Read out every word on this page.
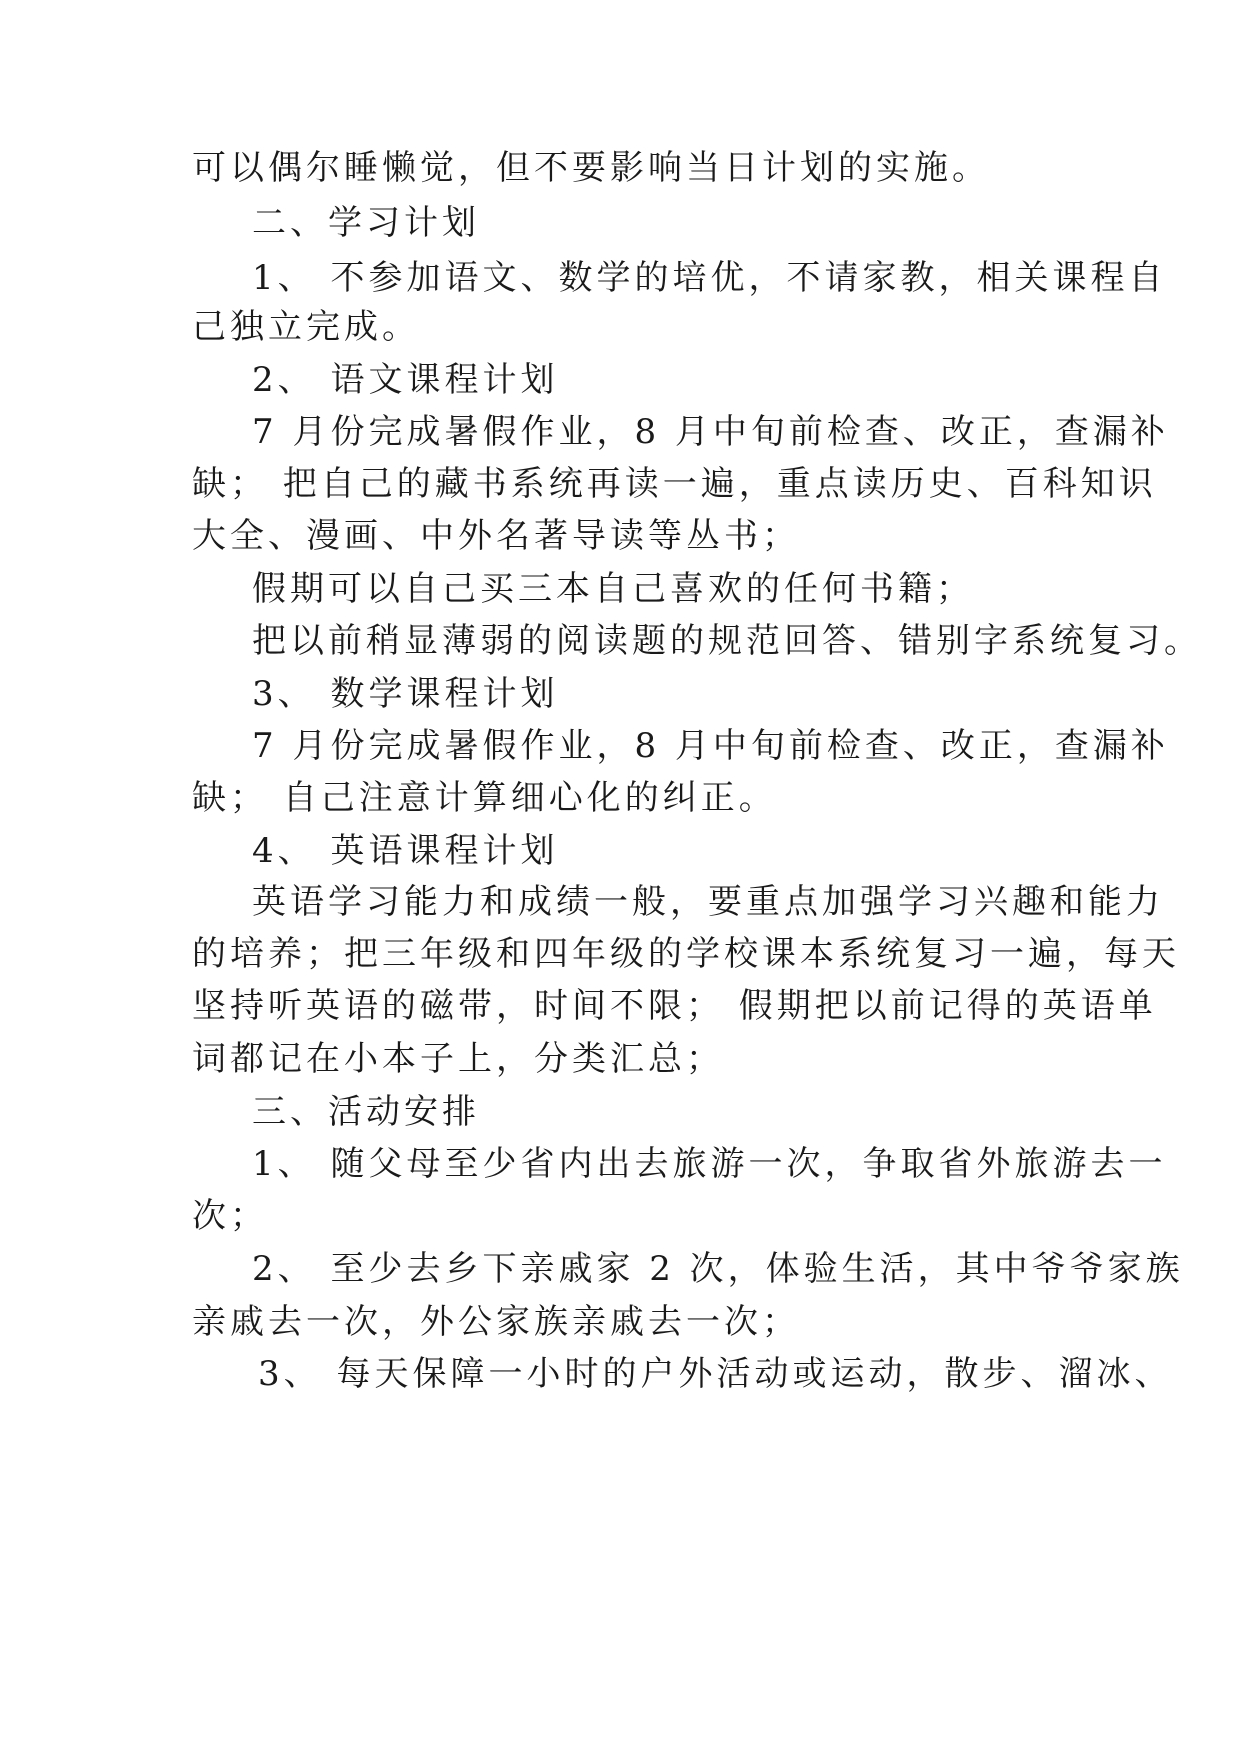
可以偶尔睡懒觉，但不要影响当日计划的实施。
二、学习计划
1、 不参加语文、数学的培优，不请家教，相关课程自
己独立完成。
2、 语文课程计划
7 月份完成暑假作业，8 月中旬前检查、改正，查漏补
缺； 把自己的藏书系统再读一遍，重点读历史、百科知识
大全、漫画、中外名著导读等丛书；
假期可以自己买三本自己喜欢的任何书籍；
把以前稍显薄弱的阅读题的规范回答、错别字系统复习。
3、 数学课程计划
7 月份完成暑假作业，8 月中旬前检查、改正，查漏补
缺； 自己注意计算细心化的纠正。
4、 英语课程计划
英语学习能力和成绩一般，要重点加强学习兴趣和能力
的培养；把三年级和四年级的学校课本系统复习一遍，每天
坚持听英语的磁带，时间不限； 假期把以前记得的英语单
词都记在小本子上，分类汇总；
三、活动安排
1、 随父母至少省内出去旅游一次，争取省外旅游去一
次；
2、 至少去乡下亲戚家 2 次，体验生活，其中爷爷家族
亲戚去一次，外公家族亲戚去一次；
3、 每天保障一小时的户外活动或运动，散步、溜冰、
